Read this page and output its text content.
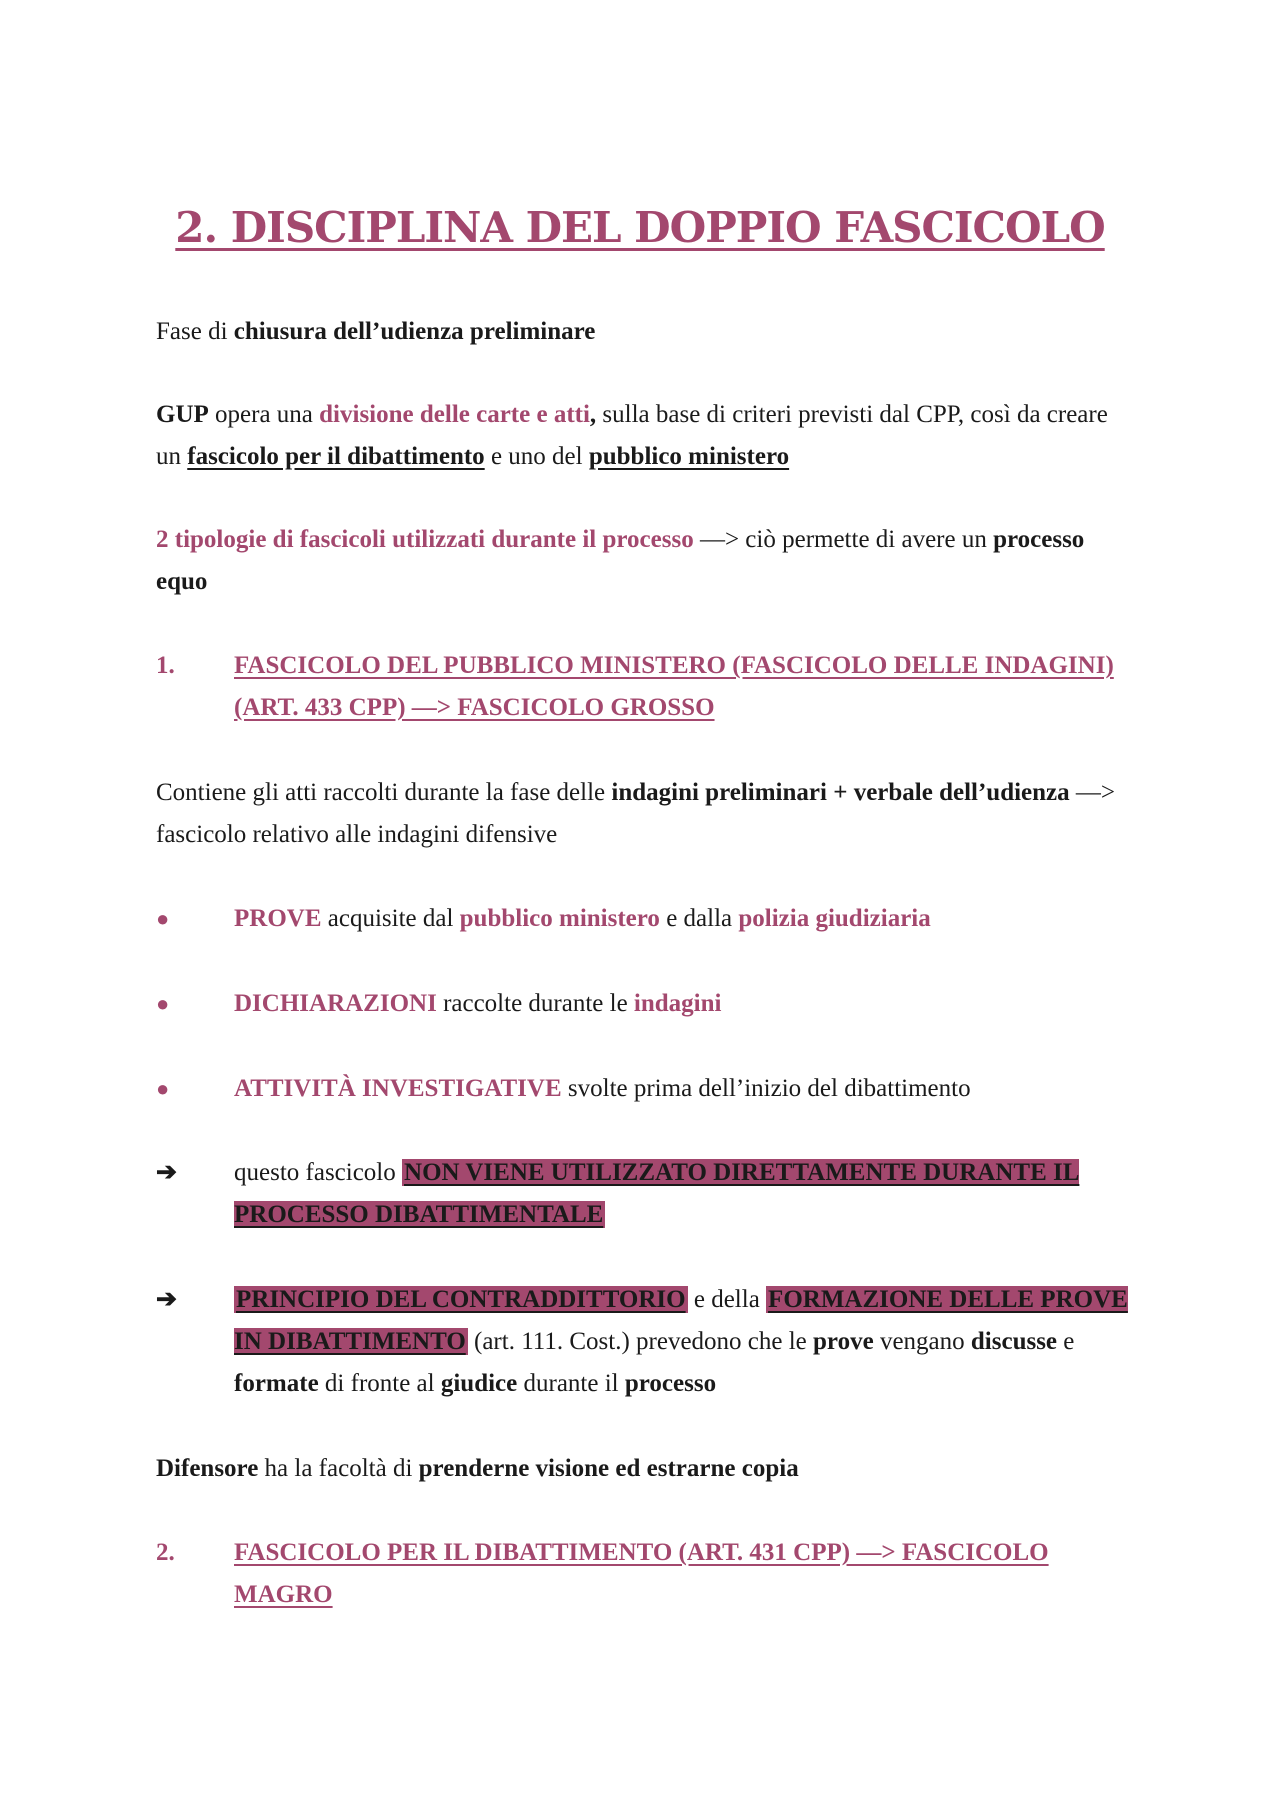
2. DISCIPLINA DEL DOPPIO FASCICOLO
Fase di chiusura dell’udienza preliminare
GUP opera una divisione delle carte e atti, sulla base di criteri previsti dal CPP, così da creare un fascicolo per il dibattimento e uno del pubblico ministero
2 tipologie di fascicoli utilizzati durante il processo —> ciò permette di avere un processo equo
1.	FASCICOLO DEL PUBBLICO MINISTERO (FASCICOLO DELLE INDAGINI) (ART. 433 CPP) —> FASCICOLO GROSSO
Contiene gli atti raccolti durante la fase delle indagini preliminari + verbale dell’udienza —> fascicolo relativo alle indagini difensive
●	PROVE acquisite dal pubblico ministero e dalla polizia giudiziaria
●	DICHIARAZIONI raccolte durante le indagini
●	ATTIVITÀ INVESTIGATIVE svolte prima dell’inizio del dibattimento
➔	questo fascicolo NON VIENE UTILIZZATO DIRETTAMENTE DURANTE IL PROCESSO DIBATTIMENTALE
➔	PRINCIPIO DEL CONTRADDITTORIO e della FORMAZIONE DELLE PROVE IN DIBATTIMENTO (art. 111. Cost.) prevedono che le prove vengano discusse e formate di fronte al giudice durante il processo
Difensore ha la facoltà di prenderne visione ed estrarne copia
2.	FASCICOLO PER IL DIBATTIMENTO (ART. 431 CPP) —> FASCICOLO MAGRO
